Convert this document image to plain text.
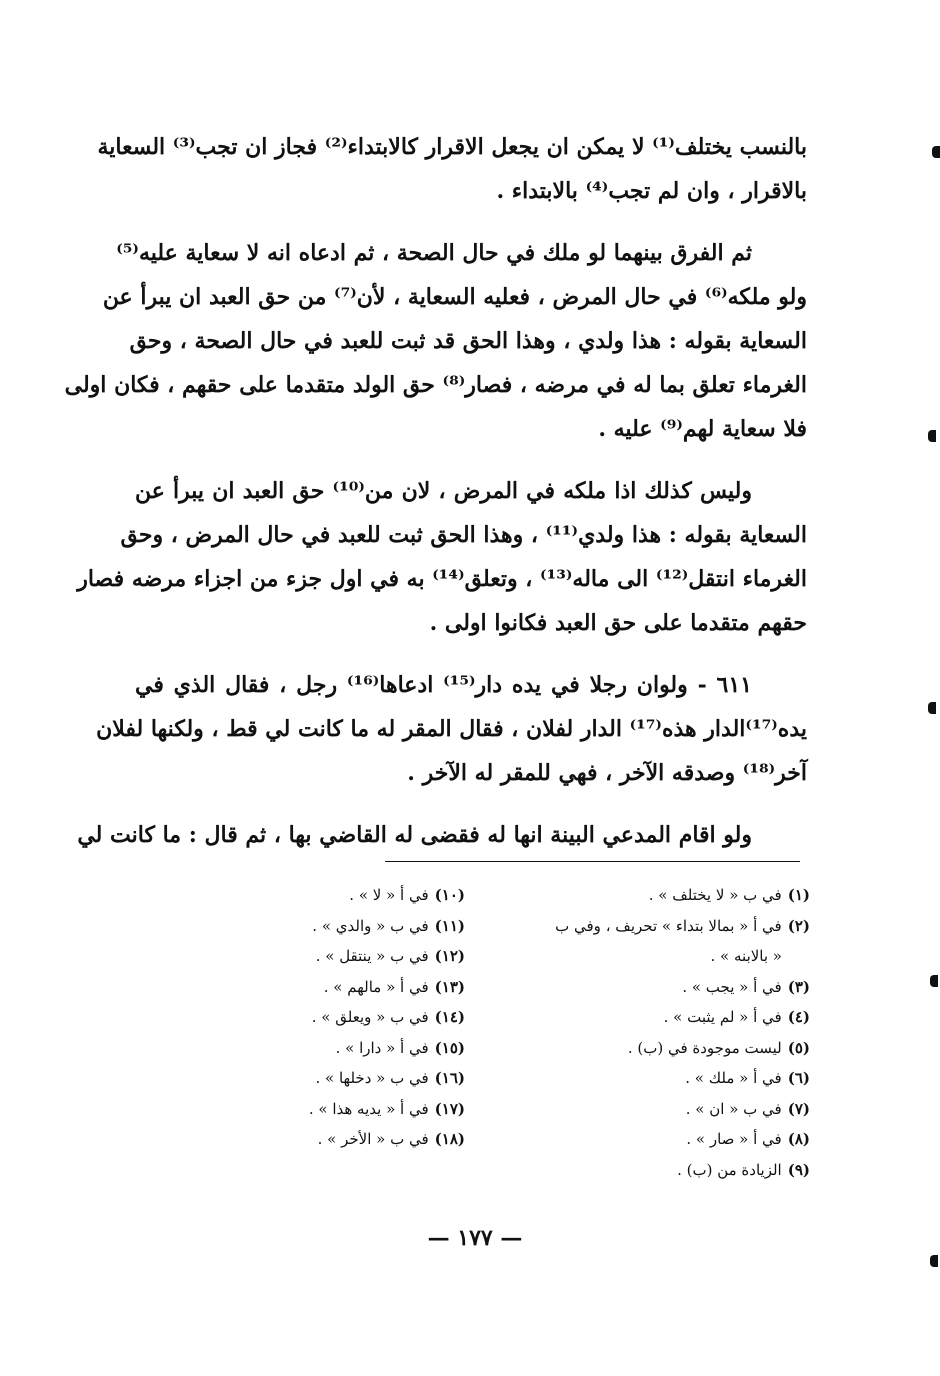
بالنسب يختلف⁽¹⁾ لا يمكن ان يجعل الاقرار كالابتداء⁽²⁾ فجاز ان تجب⁽³⁾ السعاية
بالاقرار ، وان لم تجب⁽⁴⁾ بالابتداء .

ثم الفرق بينهما لو ملك في حال الصحة ، ثم ادعاه انه لا سعاية عليه⁽⁵⁾
ولو ملكه⁽⁶⁾ في حال المرض ، فعليه السعاية ، لأن⁽⁷⁾ من حق العبد ان يبرأ عن
السعاية بقوله : هذا ولدي ، وهذا الحق قد ثبت للعبد في حال الصحة ، وحق
الغرماء تعلق بما له في مرضه ، فصار⁽⁸⁾ حق الولد متقدما على حقهم ، فكان اولى
فلا سعاية لهم⁽⁹⁾ عليه .

وليس كذلك اذا ملكه في المرض ، لان من⁽¹⁰⁾ حق العبد ان يبرأ عن
السعاية بقوله : هذا ولدي⁽¹¹⁾ ، وهذا الحق ثبت للعبد في حال المرض ، وحق
الغرماء انتقل⁽¹²⁾ الى ماله⁽¹³⁾ ، وتعلق⁽¹⁴⁾ به في اول جزء من اجزاء مرضه فصار
حقهم متقدما على حق العبد فكانوا اولى .

٦١١ - ولوان رجلا في يده دار⁽¹⁵⁾ ادعاها⁽¹⁶⁾ رجل ، فقال الذي في
يده⁽¹⁷⁾الدار هذه⁽¹⁷⁾ الدار لفلان ، فقال المقر له ما كانت لي قط ، ولكنها لفلان
آخر⁽¹⁸⁾ وصدقه الآخر ، فهي للمقر له الآخر .

ولو اقام المدعي البينة انها له فقضى له القاضي بها ، ثم قال : ما كانت لي

(١)في ب « لا يختلف » .
(٢)في أ « بمالا بتداء » تحريف ، وفي ب
« بالابنه » .
(٣)في أ « يجب » .
(٤)في أ « لم يثبت » .
(٥)ليست موجودة في (ب) .
(٦)في أ « ملك » .
(٧)في ب « ان » .
(٨)في أ « صار » .
(٩)الزيادة من (ب) .
(١٠)في أ « لا » .
(١١)في ب « والدي » .
(١٢)في ب « ينتقل » .
(١٣)في أ « مالهم » .
(١٤)في ب « ويعلق » .
(١٥)في أ « دارا » .
(١٦)في ب « دخلها » .
(١٧)في أ « يديه هذا » .
(١٨)في ب « الأخر » .
— ١٧٧ —
